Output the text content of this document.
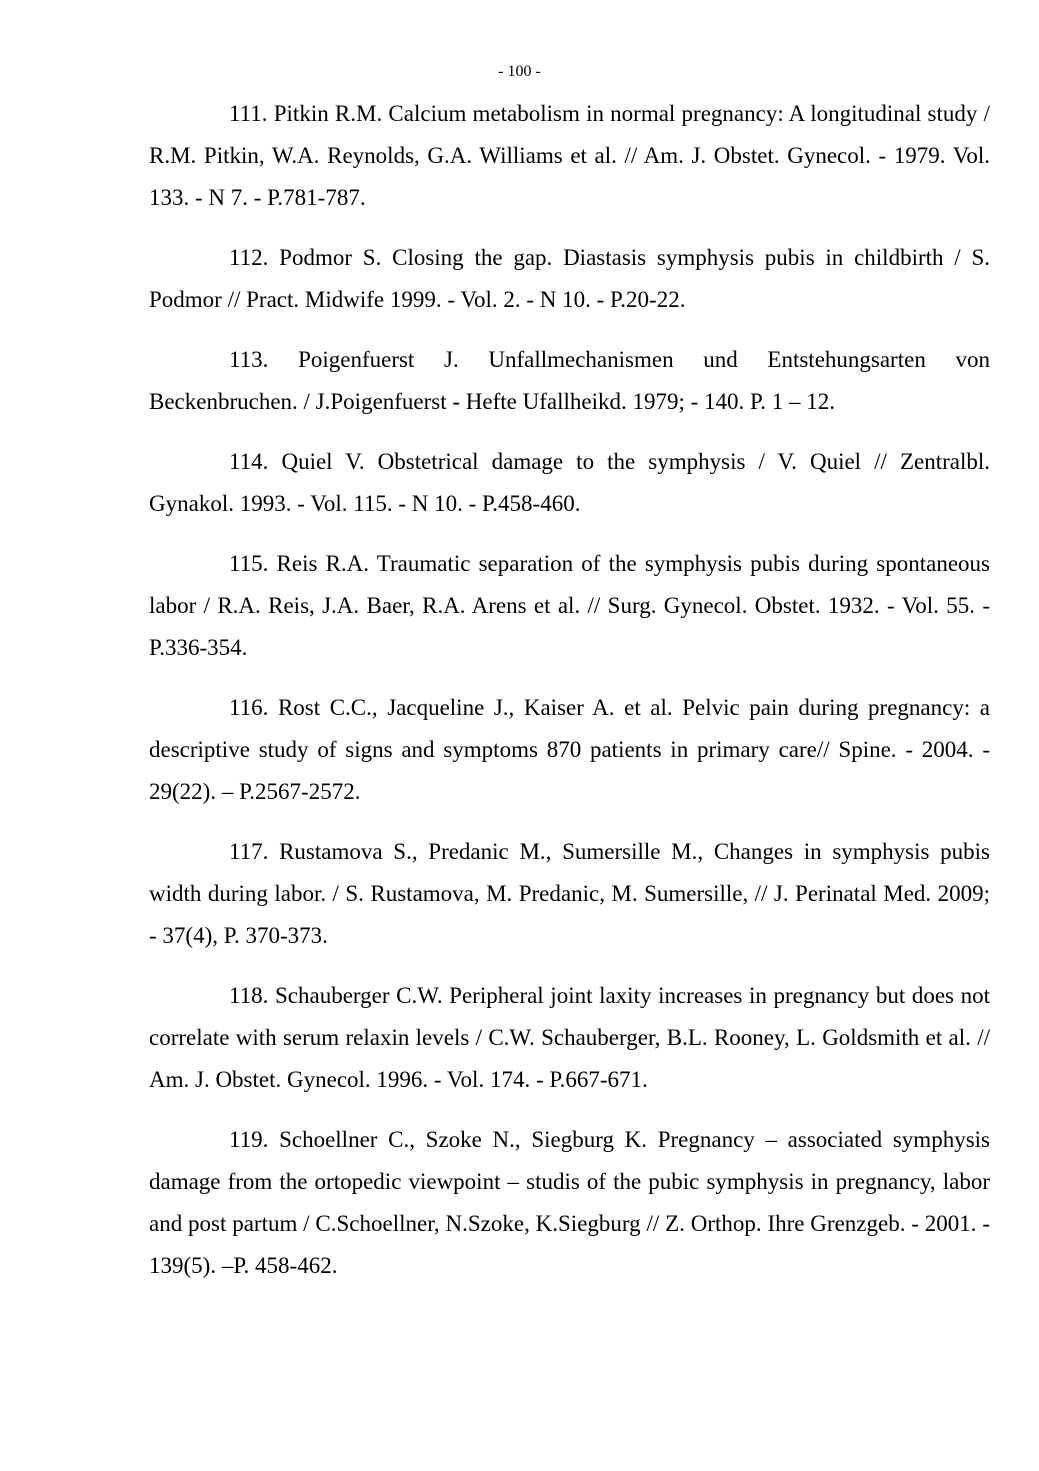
- 100 -

111. Pitkin R.M. Calcium metabolism in normal pregnancy: A longitudinal study / R.M. Pitkin, W.A. Reynolds, G.A. Williams et al. // Am. J. Obstet. Gynecol. - 1979. Vol. 133. - N 7. - P.781-787.

112. Podmor S. Closing the gap. Diastasis symphysis pubis in childbirth / S. Podmor // Pract. Midwife 1999. - Vol. 2. - N 10. - P.20-22.

113. Poigenfuerst J. Unfallmechanismen und Entstehungsarten von Beckenbruchen. / J.Poigenfuerst - Hefte Ufallheikd. 1979; - 140. P. 1 – 12.

114. Quiel V. Obstetrical damage to the symphysis / V. Quiel // Zentralbl. Gynakol. 1993. - Vol. 115. - N 10. - P.458-460.

115. Reis R.A. Traumatic separation of the symphysis pubis during spontaneous labor / R.A. Reis, J.A. Baer, R.A. Arens et al. // Surg. Gynecol. Obstet. 1932. - Vol. 55. - P.336-354.

116. Rost C.C., Jacqueline J., Kaiser A. et al. Pelvic pain during pregnancy: a descriptive study of signs and symptoms 870 patients in primary care// Spine. - 2004. - 29(22). – P.2567-2572.

117. Rustamova S., Predanic M., Sumersille M., Changes in symphysis pubis width during labor. / S. Rustamova, M. Predanic, M. Sumersille, // J. Perinatal Med. 2009; - 37(4), P. 370-373.

118. Schauberger C.W. Peripheral joint laxity increases in pregnancy but does not correlate with serum relaxin levels / C.W. Schauberger, B.L. Rooney, L. Goldsmith et al. // Am. J. Obstet. Gynecol. 1996. - Vol. 174. - P.667-671.

119. Schoellner C., Szoke N., Siegburg K. Pregnancy – associated symphysis damage from the ortopedic viewpoint – studis of the pubic symphysis in pregnancy, labor and post partum / C.Schoellner, N.Szoke, K.Siegburg // Z. Orthop. Ihre Grenzgeb. - 2001. - 139(5). –P. 458-462.
